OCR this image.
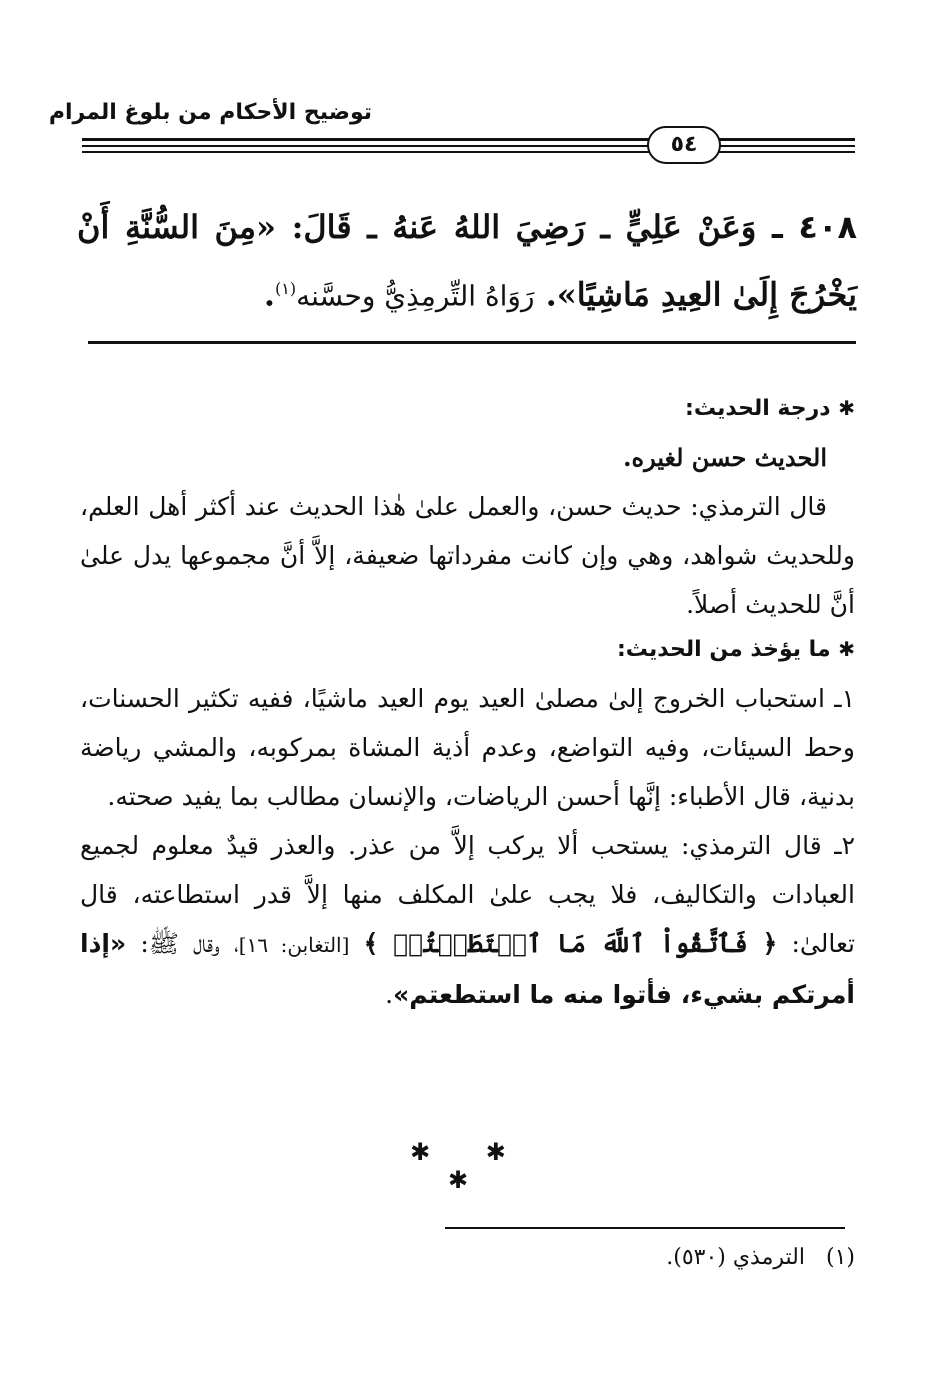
توضيح الأحكام من بلوغ المرام
٥٤
٤٠٨ ـ وَعَنْ عَلِيٍّ ـ رَضِيَ اللهُ عَنهُ ـ قَالَ: «مِنَ السُّنَّةِ أَنْ يَخْرُجَ إِلَىٰ العِيدِ مَاشِيًا». رَوَاهُ التِّرمِذِيُّ وحسَّنه$^{(١)}$.
✱ درجة الحديث:
الحديث حسن لغيره.
قال الترمذي: حديث حسن، والعمل علىٰ هٰذا الحديث عند أكثر أهل العلم، وللحديث شواهد، وهي وإن كانت مفرداتها ضعيفة، إلاَّ أنَّ مجموعها يدل علىٰ أنَّ للحديث أصلاً.
✱ ما يؤخذ من الحديث:
١ـ استحباب الخروج إلىٰ مصلىٰ العيد يوم العيد ماشيًا، ففيه تكثير الحسنات، وحط السيئات، وفيه التواضع، وعدم أذية المشاة بمركوبه، والمشي رياضة بدنية، قال الأطباء: إنَّها أحسن الرياضات، والإنسان مطالب بما يفيد صحته.
٢ـ قال الترمذي: يستحب ألا يركب إلاَّ من عذر. والعذر قيدٌ معلوم لجميع العبادات والتكاليف، فلا يجب علىٰ المكلف منها إلاَّ قدر استطاعته، قال تعالىٰ: ﴿ فَٱتَّقُواْ ٱللَّهَ مَا ٱسۡتَطَعۡتُمۡ ﴾ [التغابن: ١٦]، وقال ﷺ: «إذا أمرتكم بشيء، فأتوا منه ما استطعتم».
✱ ✱ ✱
(١)   الترمذي (٥٣٠).
